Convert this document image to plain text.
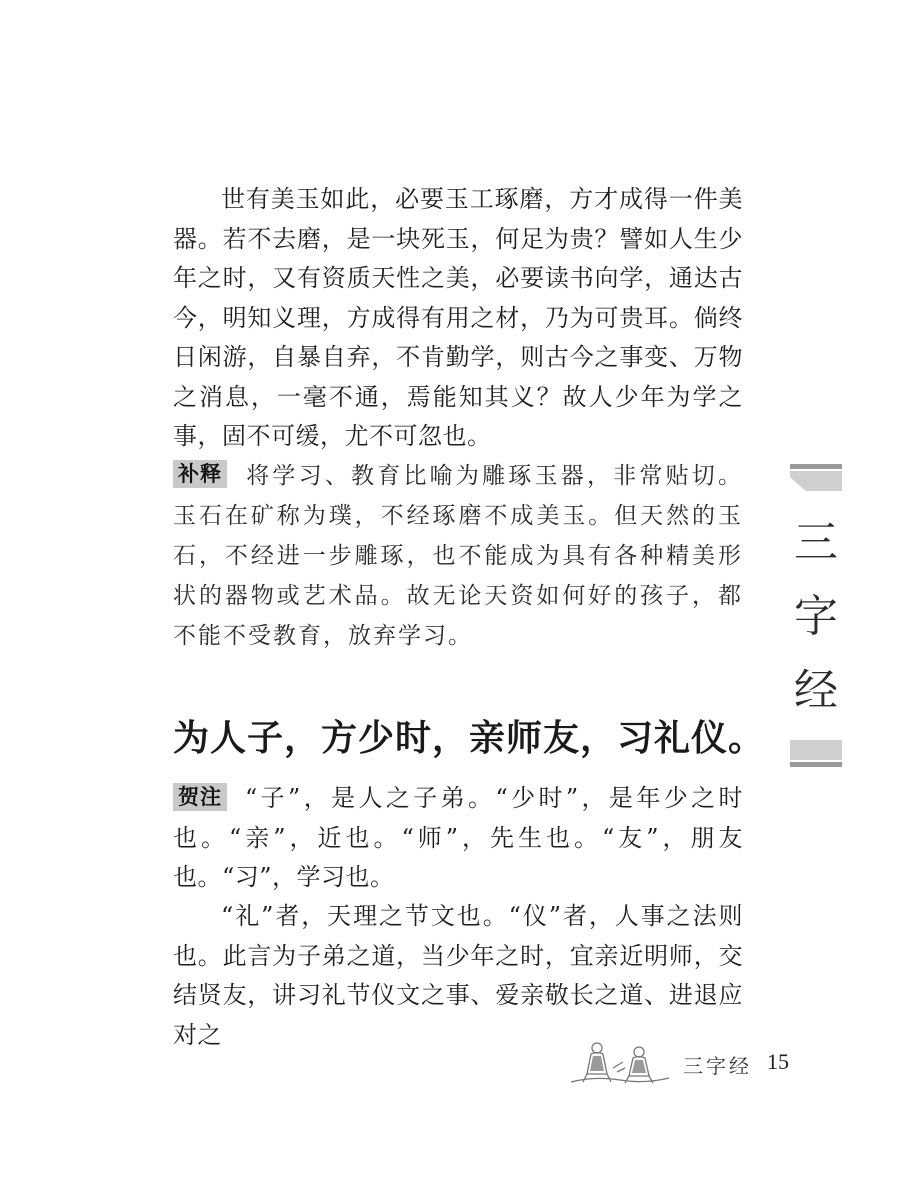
世有美玉如此，必要玉工琢磨，方才成得一件美器。若不去磨，是一块死玉，何足为贵？譬如人生少年之时，又有资质天性之美，必要读书向学，通达古今，明知义理，方成得有用之材，乃为可贵耳。倘终日闲游，自暴自弃，不肯勤学，则古今之事变、万物之消息，一毫不通，焉能知其义？故人少年为学之事，固不可缓，尤不可忽也。

补释 将学习、教育比喻为雕琢玉器，非常贴切。玉石在矿称为璞，不经琢磨不成美玉。但天然的玉石，不经进一步雕琢，也不能成为具有各种精美形状的器物或艺术品。故无论天资如何好的孩子，都不能不受教育，放弃学习。

为人子，方少时，亲师友，习礼仪。

贺注 “子”，是人之子弟。“少时”，是年少之时也。“亲”，近也。“师”，先生也。“友”，朋友也。“习”，学习也。

“礼”者，天理之节文也。“仪”者，人事之法则也。此言为子弟之道，当少年之时，宜亲近明师，交结贤友，讲习礼节仪文之事、爱亲敬长之道、进退应对之

三
字
经
三字经 15
